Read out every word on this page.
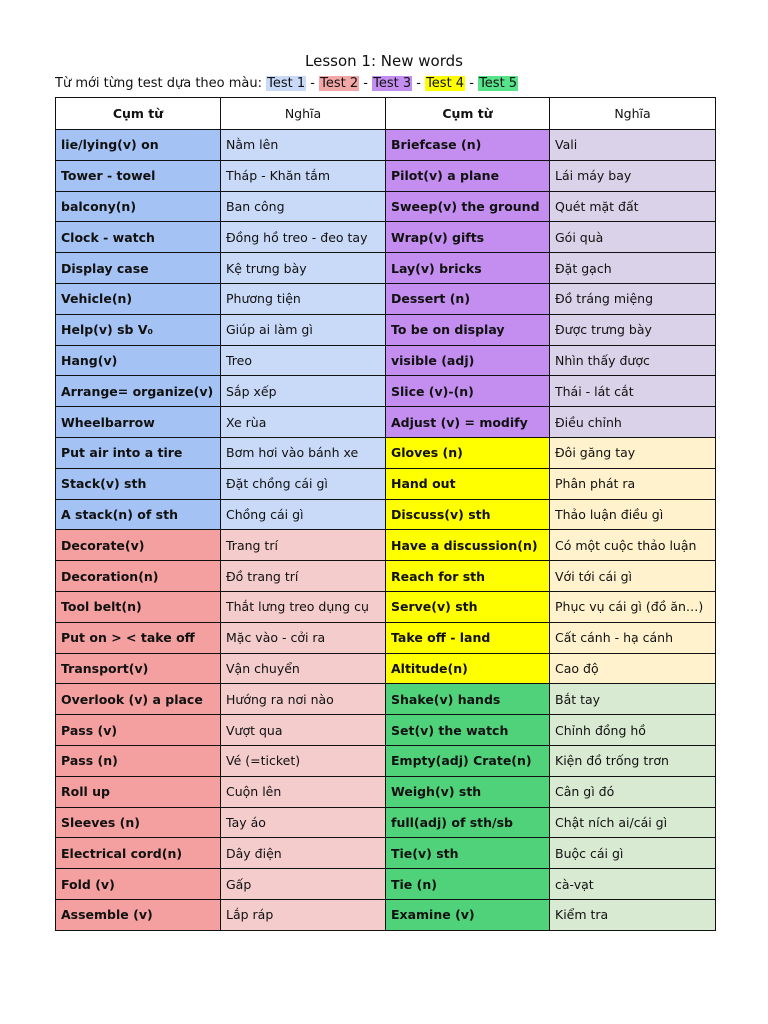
Lesson 1: New words
Từ mới từng test dựa theo màu: Test 1 - Test 2 - Test 3 - Test 4 - Test 5
Cụm từ	Nghĩa	Cụm từ	Nghĩa
lie/lying(v) on	Nằm lên	Briefcase (n)	Vali
Tower - towel	Tháp - Khăn tắm	Pilot(v) a plane	Lái máy bay
balcony(n)	Ban công	Sweep(v) the ground	Quét mặt đất
Clock - watch	Đồng hồ treo - đeo tay	Wrap(v) gifts	Gói quà
Display case	Kệ trưng bày	Lay(v) bricks	Đặt gạch
Vehicle(n)	Phương tiện	Dessert (n)	Đồ tráng miệng
Help(v) sb V₀	Giúp ai làm gì	To be on display	Được trưng bày
Hang(v)	Treo	visible (adj)	Nhìn thấy được
Arrange= organize(v)	Sắp xếp	Slice (v)-(n)	Thái - lát cắt
Wheelbarrow	Xe rùa	Adjust (v) = modify	Điều chỉnh
Put air into a tire	Bơm hơi vào bánh xe	Gloves (n)	Đôi găng tay
Stack(v) sth	Đặt chồng cái gì	Hand out	Phân phát ra
A stack(n) of sth	Chồng cái gì	Discuss(v) sth	Thảo luận điều gì
Decorate(v)	Trang trí	Have a discussion(n)	Có một cuộc thảo luận
Decoration(n)	Đồ trang trí	Reach for sth	Với tới cái gì
Tool belt(n)	Thắt lưng treo dụng cụ	Serve(v) sth	Phục vụ cái gì (đồ ăn…)
Put on > < take off	Mặc vào - cởi ra	Take off - land	Cất cánh - hạ cánh
Transport(v)	Vận chuyển	Altitude(n)	Cao độ
Overlook (v) a place	Hướng ra nơi nào	Shake(v) hands	Bắt tay
Pass (v)	Vượt qua	Set(v) the watch	Chỉnh đồng hồ
Pass (n)	Vé (=ticket)	Empty(adj) Crate(n)	Kiện đồ trống trơn
Roll up	Cuộn lên	Weigh(v) sth	Cân gì đó
Sleeves (n)	Tay áo	full(adj) of sth/sb	Chật ních ai/cái gì
Electrical cord(n)	Dây điện	Tie(v) sth	Buộc cái gì
Fold (v)	Gấp	Tie (n)	cà-vạt
Assemble (v)	Lắp ráp	Examine (v)	Kiểm tra
